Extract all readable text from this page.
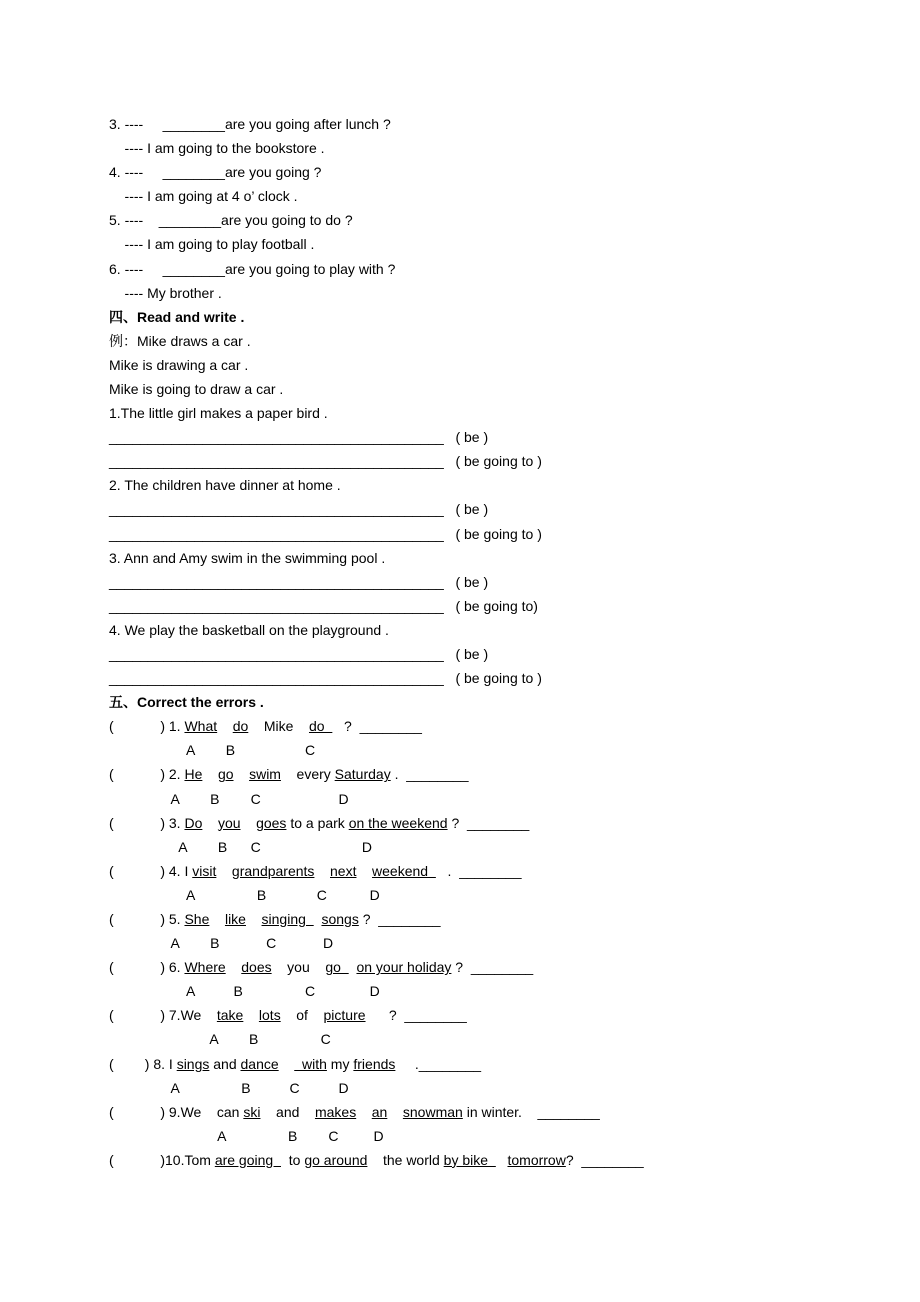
3. ----     ________are you going after lunch ?
---- I am going to the bookstore .
4. ----     ________are you going ?
---- I am going at 4 o’ clock .
5. ----    ________are you going to do ?
---- I am going to play football .
6. ----     ________are you going to play with ?
---- My brother .
四、Read and write .
例：Mike draws a car .
Mike is drawing a car .
Mike is going to draw a car .
1.The little girl makes a paper bird .
___________________________________________   ( be )
___________________________________________   ( be going to )
2. The children have dinner at home .
___________________________________________   ( be )
___________________________________________   ( be going to )
3. Ann and Amy swim in the swimming pool .
___________________________________________   ( be )
___________________________________________   ( be going to)
4. We play the basketball on the playground .
___________________________________________   ( be )
___________________________________________   ( be going to )
五、Correct the errors .
(            ) 1. What do    Mike    do     ?  ________
A        B                  C
(            ) 2. He go swim    every Saturday .  ________
A        B        C                    D
(            ) 3. Do you goes to a park on the weekend ?  ________
A        B      C                          D
(            ) 4. I visit grandparents next weekend     .  ________
A                B             C           D
(            ) 5. She like singing    songs ?  ________
A        B            C            D
(            ) 6. Where does    you    go    on your holiday ?  ________
A          B                C              D
(            ) 7.We    take lots    of    picture      ?  ________
A        B                C
(        ) 8. I sings and dance      with my friends     .________
A                B          C          D
(            ) 9.We    can ski    and    makes an snowman in winter.    ________
A                B        C         D
(            )10.Tom are going    to go around    the world by bike     tomorrow?  ________
